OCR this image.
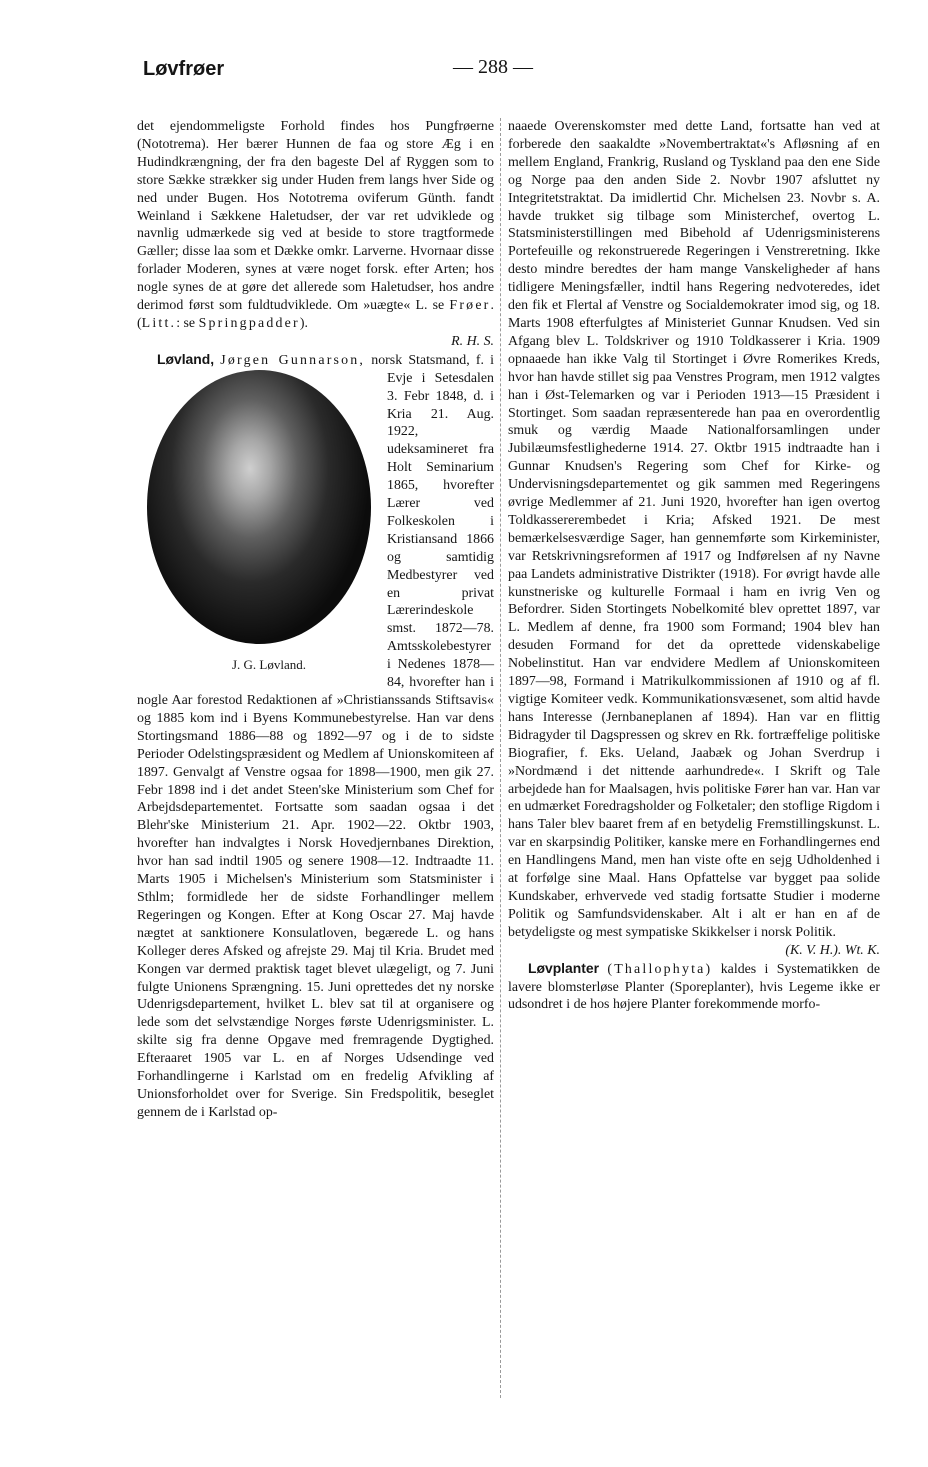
Løvfrøer	— 288 —

det ejendommeligste Forhold findes hos Pungfrøerne (Nototrema). Her bærer Hunnen de faa og store Æg i en Hudindkrængning, der fra den bageste Del af Ryggen som to store Sække strækker sig under Huden frem langs hver Side og ned under Bugen. Hos Nototrema oviferum Günth. fandt Weinland i Sækkene Haletudser, der var ret udviklede og navnlig udmærkede sig ved at beside to store tragtformede Gæller; disse laa som et Dække omkr. Larverne. Hvornaar disse forlader Moderen, synes at være noget forsk. efter Arten; hos nogle synes de at gøre det allerede som Haletudser, hos andre derimod først som fuldtudviklede. Om »uægte« L. se Frøer. (Litt.: se Springpadder).

R. H. S.

Løvland, Jørgen Gunnarson,
J. G. Løvland.
norsk Statsmand, f. i Evje i Setesdalen 3. Febr 1848, d. i Kria 21. Aug. 1922, udeksamineret fra Holt Seminarium 1865, hvorefter Lærer ved Folkeskolen i Kristiansand 1866 og samtidig Medbestyrer ved en privat Lærerindeskole smst. 1872—78. Amtsskolebestyrer i Nedenes 1878—84, hvorefter han i nogle Aar forestod Redaktionen af »Christianssands Stiftsavis« og 1885 kom ind i Byens Kommunebestyrelse. Han var dens Stortingsmand 1886—88 og 1892—97 og i de to sidste Perioder Odelstingspræsident og Medlem af Unionskomiteen af 1897. Genvalgt af Venstre ogsaa for 1898—1900, men gik 27. Febr 1898 ind i det andet Steen'ske Ministerium som Chef for Arbejdsdepartementet. Fortsatte som saadan ogsaa i det Blehr'ske Ministerium 21. Apr. 1902—22. Oktbr 1903, hvorefter han indvalgtes i Norsk Hovedjernbanes Direktion, hvor han sad indtil 1905 og senere 1908—12. Indtraadte 11. Marts 1905 i Michelsen's Ministerium som Statsminister i Sthlm; formidlede her de sidste Forhandlinger mellem Regeringen og Kongen. Efter at Kong Oscar 27. Maj havde nægtet at sanktionere Konsulatloven, begærede L. og hans Kolleger deres Afsked og afrejste 29. Maj til Kria. Brudet med Kongen var dermed praktisk taget blevet ulægeligt, og 7. Juni fulgte Unionens Sprængning. 15. Juni oprettedes det ny norske Udenrigsdepartement, hvilket L. blev sat til at organisere og lede som det selvstændige Norges første Udenrigsminister. L. skilte sig fra denne Opgave med fremragende Dygtighed. Efteraaret 1905 var L. en af Norges Udsendinge ved Forhandlingerne i Karlstad om en fredelig Afvikling af Unionsforholdet over for Sverige. Sin Fredspolitik, beseglet gennem de i Karlstad op-

naaede Overenskomster med dette Land, fortsatte han ved at forberede den saakaldte »Novembertraktat«'s Afløsning af en mellem England, Frankrig, Rusland og Tyskland paa den ene Side og Norge paa den anden Side 2. Novbr 1907 afsluttet ny Integritetstraktat. Da imidlertid Chr. Michelsen 23. Novbr s. A. havde trukket sig tilbage som Ministerchef, overtog L. Statsministerstillingen med Bibehold af Udenrigsministerens Portefeuille og rekonstruerede Regeringen i Venstreretning. Ikke desto mindre beredtes der ham mange Vanskeligheder af hans tidligere Meningsfæller, indtil hans Regering nedvoteredes, idet den fik et Flertal af Venstre og Socialdemokrater imod sig, og 18. Marts 1908 efterfulgtes af Ministeriet Gunnar Knudsen. Ved sin Afgang blev L. Toldskriver og 1910 Toldkasserer i Kria. 1909 opnaaede han ikke Valg til Stortinget i Øvre Romerikes Kreds, hvor han havde stillet sig paa Venstres Program, men 1912 valgtes han i Øst-Telemarken og var i Perioden 1913—15 Præsident i Stortinget. Som saadan repræsenterede han paa en overordentlig smuk og værdig Maade Nationalforsamlingen under Jubilæumsfestlighederne 1914. 27. Oktbr 1915 indtraadte han i Gunnar Knudsen's Regering som Chef for Kirke- og Undervisningsdepartementet og gik sammen med Regeringens øvrige Medlemmer af 21. Juni 1920, hvorefter han igen overtog Toldkassererembedet i Kria; Afsked 1921. De mest bemærkelsesværdige Sager, han gennemførte som Kirkeminister, var Retskrivningsreformen af 1917 og Indførelsen af ny Navne paa Landets administrative Distrikter (1918). For øvrigt havde alle kunstneriske og kulturelle Formaal i ham en ivrig Ven og Befordrer. Siden Stortingets Nobelkomité blev oprettet 1897, var L. Medlem af denne, fra 1900 som Formand; 1904 blev han desuden Formand for det da oprettede videnskabelige Nobelinstitut. Han var endvidere Medlem af Unionskomiteen 1897—98, Formand i Matrikulkommissionen af 1910 og af fl. vigtige Komiteer vedk. Kommunikationsvæsenet, som altid havde hans Interesse (Jernbaneplanen af 1894). Han var en flittig Bidragyder til Dagspressen og skrev en Rk. fortræffelige politiske Biografier, f. Eks. Ueland, Jaabæk og Johan Sverdrup i »Nordmænd i det nittende aarhundrede«. I Skrift og Tale arbejdede han for Maalsagen, hvis politiske Fører han var. Han var en udmærket Foredragsholder og Folketaler; den stoflige Rigdom i hans Taler blev baaret frem af en betydelig Fremstillingskunst. L. var en skarpsindig Politiker, kanske mere en Forhandlingernes end en Handlingens Mand, men han viste ofte en sejg Udholdenhed i at forfølge sine Maal. Hans Opfattelse var bygget paa solide Kundskaber, erhvervede ved stadig fortsatte Studier i moderne Politik og Samfundsvidenskaber. Alt i alt er han en af de betydeligste og mest sympatiske Skikkelser i norsk Politik.
(K. V. H.). Wt. K.

Løvplanter (Thallophyta) kaldes i Systematikken de lavere blomsterløse Planter (Sporeplanter), hvis Legeme ikke er udsondret i de hos højere Planter forekommende morfo-
